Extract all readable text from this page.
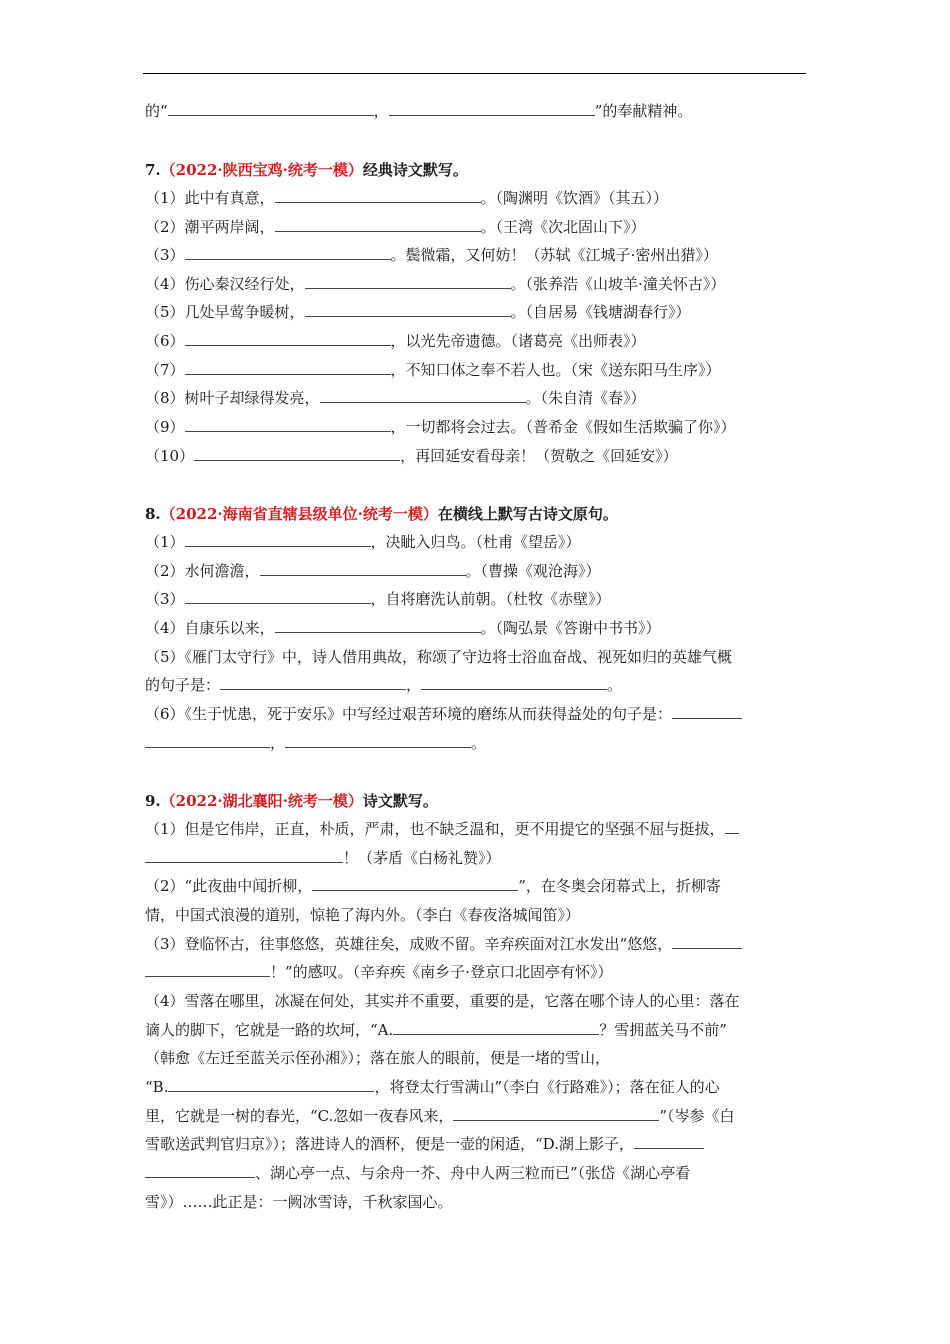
的“	，	”的奉献精神。
7.（2022·陕西宝鸡·统考一模）经典诗文默写。
（1）此中有真意，	。（陶渊明《饮酒》（其五））
（2）潮平两岸阔，	。（王湾《次北固山下》）
（3）	。鬓微霜，又何妨！（苏轼《江城子·密州出猎》）
（4）伤心秦汉经行处，	。（张养浩《山坡羊·潼关怀古》）
（5）几处早莺争暖树，	。（自居易《钱塘湖春行》）
（6）	，以光先帝遗德。（诸葛亮《出师表》）
（7）	，不知口体之奉不若人也。（宋《送东阳马生序》）
（8）树叶子却绿得发亮，	。（朱自清《春》）
（9）	，一切都将会过去。（普希金《假如生活欺骗了你》）
（10）	，再回延安看母亲！（贺敬之《回延安》）
8.（2022·海南省直辖县级单位·统考一模）在横线上默写古诗文原句。
（1）	，决眦入归鸟。（杜甫《望岳》）
（2）水何澹澹，	。（曹操《观沧海》）
（3）	，自将磨洗认前朝。（杜牧《赤壁》）
（4）自康乐以来，	。（陶弘景《答谢中书书》）
（5）《雁门太守行》中，诗人借用典故，称颂了守边将士浴血奋战、视死如归的英雄气概
的句子是：	，	。
（6）《生于忧患，死于安乐》中写经过艰苦环境的磨练从而获得益处的句子是：
，	。
9.（2022·湖北襄阳·统考一模）诗文默写。
（1）但是它伟岸，正直，朴质，严肃，也不缺乏温和，更不用提它的坚强不屈与挺拔，
！（茅盾《白杨礼赞》）
（2）“此夜曲中闻折柳，	”，在冬奥会闭幕式上，折柳寄
情，中国式浪漫的道别，惊艳了海内外。（李白《春夜洛城闻笛》）
（3）登临怀古，往事悠悠，英雄往矣，成败不留。辛弃疾面对江水发出“悠悠，
！”的感叹。（辛弃疾《南乡子·登京口北固亭有怀》）
（4）雪落在哪里，冰凝在何处，其实并不重要，重要的是，它落在哪个诗人的心里：落在
谪人的脚下，它就是一路的坎坷，“A.	？雪拥蓝关马不前”
（韩愈《左迁至蓝关示侄孙湘》）；落在旅人的眼前，便是一堵的雪山，
“B.	，将登太行雪满山”（李白《行路难》）；落在征人的心
里，它就是一树的春光，“C.忽如一夜春风来，	”（岑参《白
雪歌送武判官归京》）；落进诗人的酒杯，便是一壶的闲适，“D.湖上影子，
、湖心亭一点、与余舟一芥、舟中人两三粒而已”（张岱《湖心亭看
雪》）……此正是：一阙冰雪诗，千秋家国心。
